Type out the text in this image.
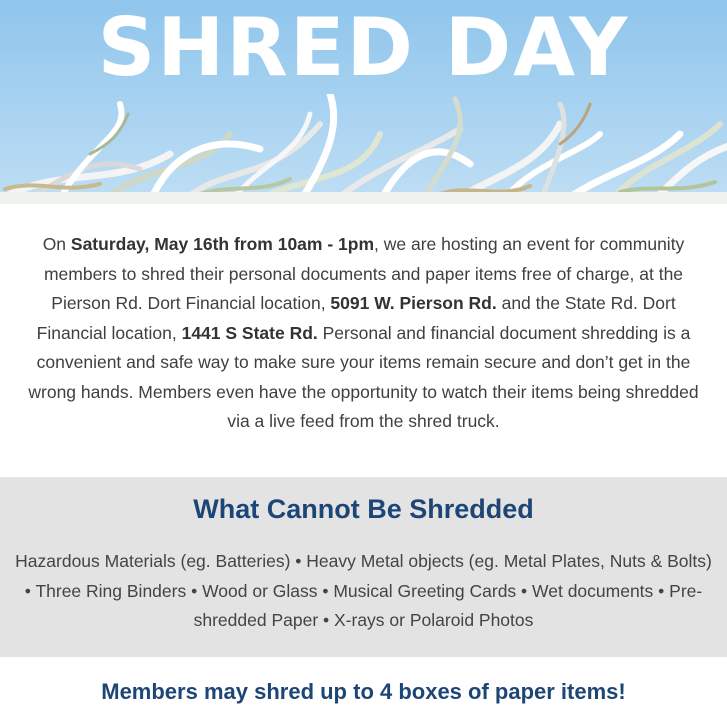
SHRED DAY

On Saturday, May 16th from 10am - 1pm, we are hosting an event for community members to shred their personal documents and paper items free of charge, at the Pierson Rd. Dort Financial location, 5091 W. Pierson Rd. and the State Rd. Dort Financial location, 1441 S State Rd. Personal and financial document shredding is a convenient and safe way to make sure your items remain secure and don’t get in the wrong hands. Members even have the opportunity to watch their items being shredded via a live feed from the shred truck.

What Cannot Be Shredded

Hazardous Materials (eg. Batteries) • Heavy Metal objects (eg. Metal Plates, Nuts & Bolts) • Three Ring Binders • Wood or Glass • Musical Greeting Cards • Wet documents • Pre-shredded Paper • X-rays or Polaroid Photos

Members may shred up to 4 boxes of paper items!
